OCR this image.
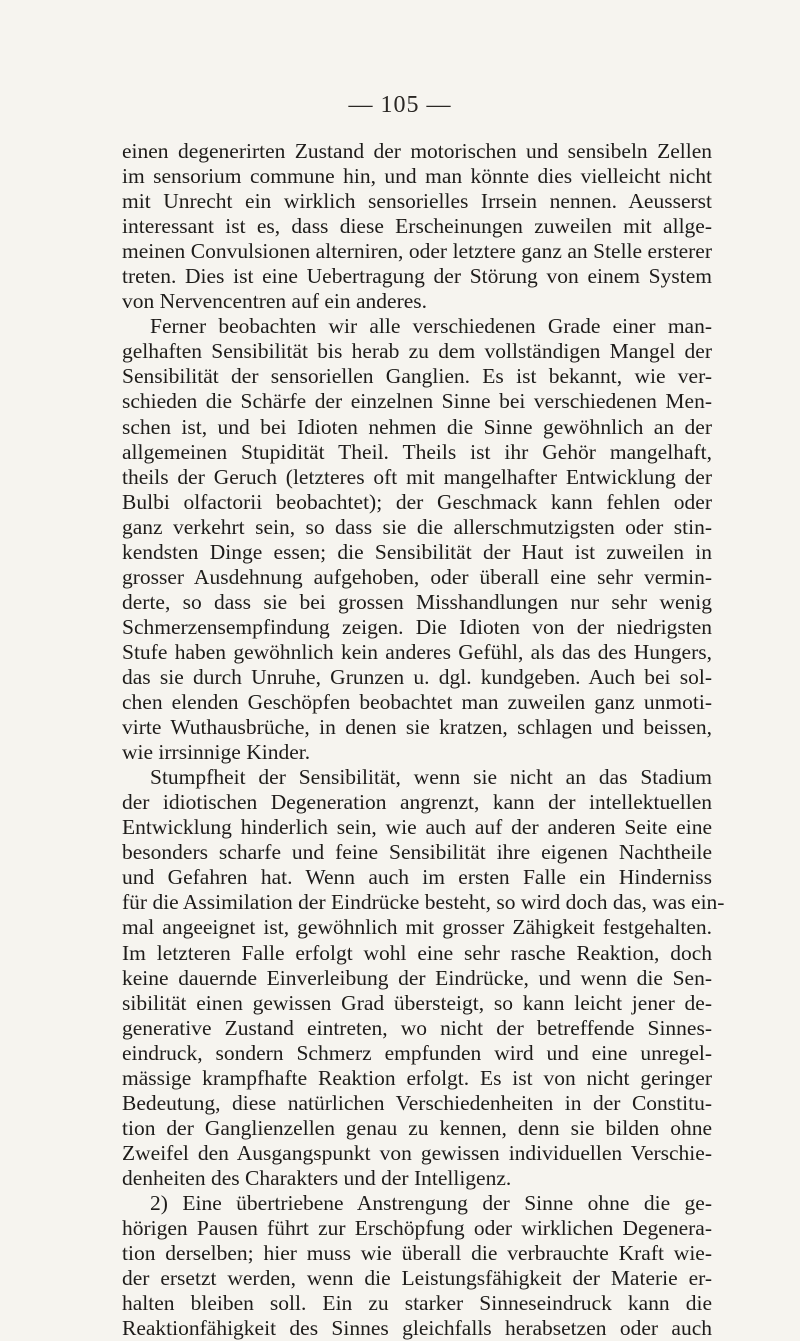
— 105 —
einen degenerirten Zustand der motorischen und sensibeln Zellen
im sensorium commune hin, und man könnte dies vielleicht nicht
mit Unrecht ein wirklich sensorielles Irrsein nennen. Aeusserst
interessant ist es, dass diese Erscheinungen zuweilen mit allge-
meinen Convulsionen alterniren, oder letztere ganz an Stelle ersterer
treten. Dies ist eine Uebertragung der Störung von einem System
von Nervencentren auf ein anderes.
Ferner beobachten wir alle verschiedenen Grade einer man-
gelhaften Sensibilität bis herab zu dem vollständigen Mangel der
Sensibilität der sensoriellen Ganglien. Es ist bekannt, wie ver-
schieden die Schärfe der einzelnen Sinne bei verschiedenen Men-
schen ist, und bei Idioten nehmen die Sinne gewöhnlich an der
allgemeinen Stupidität Theil. Theils ist ihr Gehör mangelhaft,
theils der Geruch (letzteres oft mit mangelhafter Entwicklung der
Bulbi olfactorii beobachtet); der Geschmack kann fehlen oder
ganz verkehrt sein, so dass sie die allerschmutzigsten oder stin-
kendsten Dinge essen; die Sensibilität der Haut ist zuweilen in
grosser Ausdehnung aufgehoben, oder überall eine sehr vermin-
derte, so dass sie bei grossen Misshandlungen nur sehr wenig
Schmerzensempfindung zeigen. Die Idioten von der niedrigsten
Stufe haben gewöhnlich kein anderes Gefühl, als das des Hungers,
das sie durch Unruhe, Grunzen u. dgl. kundgeben. Auch bei sol-
chen elenden Geschöpfen beobachtet man zuweilen ganz unmoti-
virte Wuthausbrüche, in denen sie kratzen, schlagen und beissen,
wie irrsinnige Kinder.
Stumpfheit der Sensibilität, wenn sie nicht an das Stadium
der idiotischen Degeneration angrenzt, kann der intellektuellen
Entwicklung hinderlich sein, wie auch auf der anderen Seite eine
besonders scharfe und feine Sensibilität ihre eigenen Nachtheile
und Gefahren hat. Wenn auch im ersten Falle ein Hinderniss
für die Assimilation der Eindrücke besteht, so wird doch das, was ein-
mal angeeignet ist, gewöhnlich mit grosser Zähigkeit festgehalten.
Im letzteren Falle erfolgt wohl eine sehr rasche Reaktion, doch
keine dauernde Einverleibung der Eindrücke, und wenn die Sen-
sibilität einen gewissen Grad übersteigt, so kann leicht jener de-
generative Zustand eintreten, wo nicht der betreffende Sinnes-
eindruck, sondern Schmerz empfunden wird und eine unregel-
mässige krampfhafte Reaktion erfolgt. Es ist von nicht geringer
Bedeutung, diese natürlichen Verschiedenheiten in der Constitu-
tion der Ganglienzellen genau zu kennen, denn sie bilden ohne
Zweifel den Ausgangspunkt von gewissen individuellen Verschie-
denheiten des Charakters und der Intelligenz.
2) Eine übertriebene Anstrengung der Sinne ohne die ge-
hörigen Pausen führt zur Erschöpfung oder wirklichen Degenera-
tion derselben; hier muss wie überall die verbrauchte Kraft wie-
der ersetzt werden, wenn die Leistungsfähigkeit der Materie er-
halten bleiben soll. Ein zu starker Sinneseindruck kann die
Reaktionfähigkeit des Sinnes gleichfalls herabsetzen oder auch
